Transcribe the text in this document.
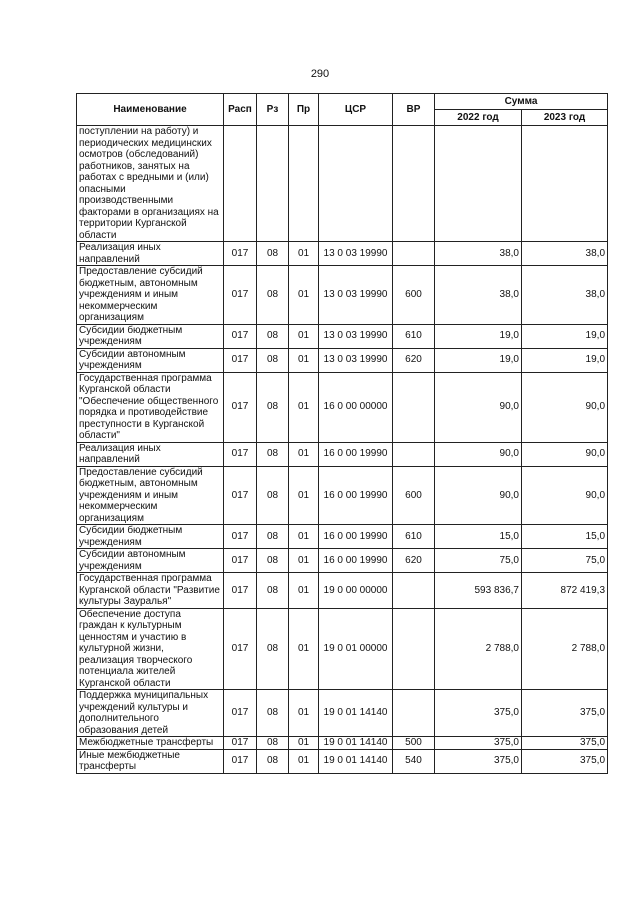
290
Наименование	Расп	Рз	Пр	ЦСР	ВР	Сумма	
						2022 год	2023 год
поступлении на работу) и периодических медицинских осмотров (обследований) работников, занятых на работах с вредными и (или) опасными производственными факторами в организациях на территории Курганской области							
Реализация иных направлений	017	08	01	13 0 03 19990		38,0	38,0
Предоставление субсидий бюджетным, автономным учреждениям и иным некоммерческим организациям	017	08	01	13 0 03 19990	600	38,0	38,0
Субсидии бюджетным учреждениям	017	08	01	13 0 03 19990	610	19,0	19,0
Субсидии автономным учреждениям	017	08	01	13 0 03 19990	620	19,0	19,0
Государственная программа Курганской области "Обеспечение общественного порядка и противодействие преступности в Курганской области"	017	08	01	16 0 00 00000		90,0	90,0
Реализация иных направлений	017	08	01	16 0 00 19990		90,0	90,0
Предоставление субсидий бюджетным, автономным учреждениям и иным некоммерческим организациям	017	08	01	16 0 00 19990	600	90,0	90,0
Субсидии бюджетным учреждениям	017	08	01	16 0 00 19990	610	15,0	15,0
Субсидии автономным учреждениям	017	08	01	16 0 00 19990	620	75,0	75,0
Государственная программа Курганской области "Развитие культуры Зауралья"	017	08	01	19 0 00 00000		593 836,7	872 419,3
Обеспечение доступа граждан к культурным ценностям и участию в культурной жизни, реализация творческого потенциала жителей Курганской области	017	08	01	19 0 01 00000		2 788,0	2 788,0
Поддержка муниципальных учреждений культуры и дополнительного образования детей	017	08	01	19 0 01 14140		375,0	375,0
Межбюджетные трансферты	017	08	01	19 0 01 14140	500	375,0	375,0
Иные межбюджетные трансферты	017	08	01	19 0 01 14140	540	375,0	375,0
